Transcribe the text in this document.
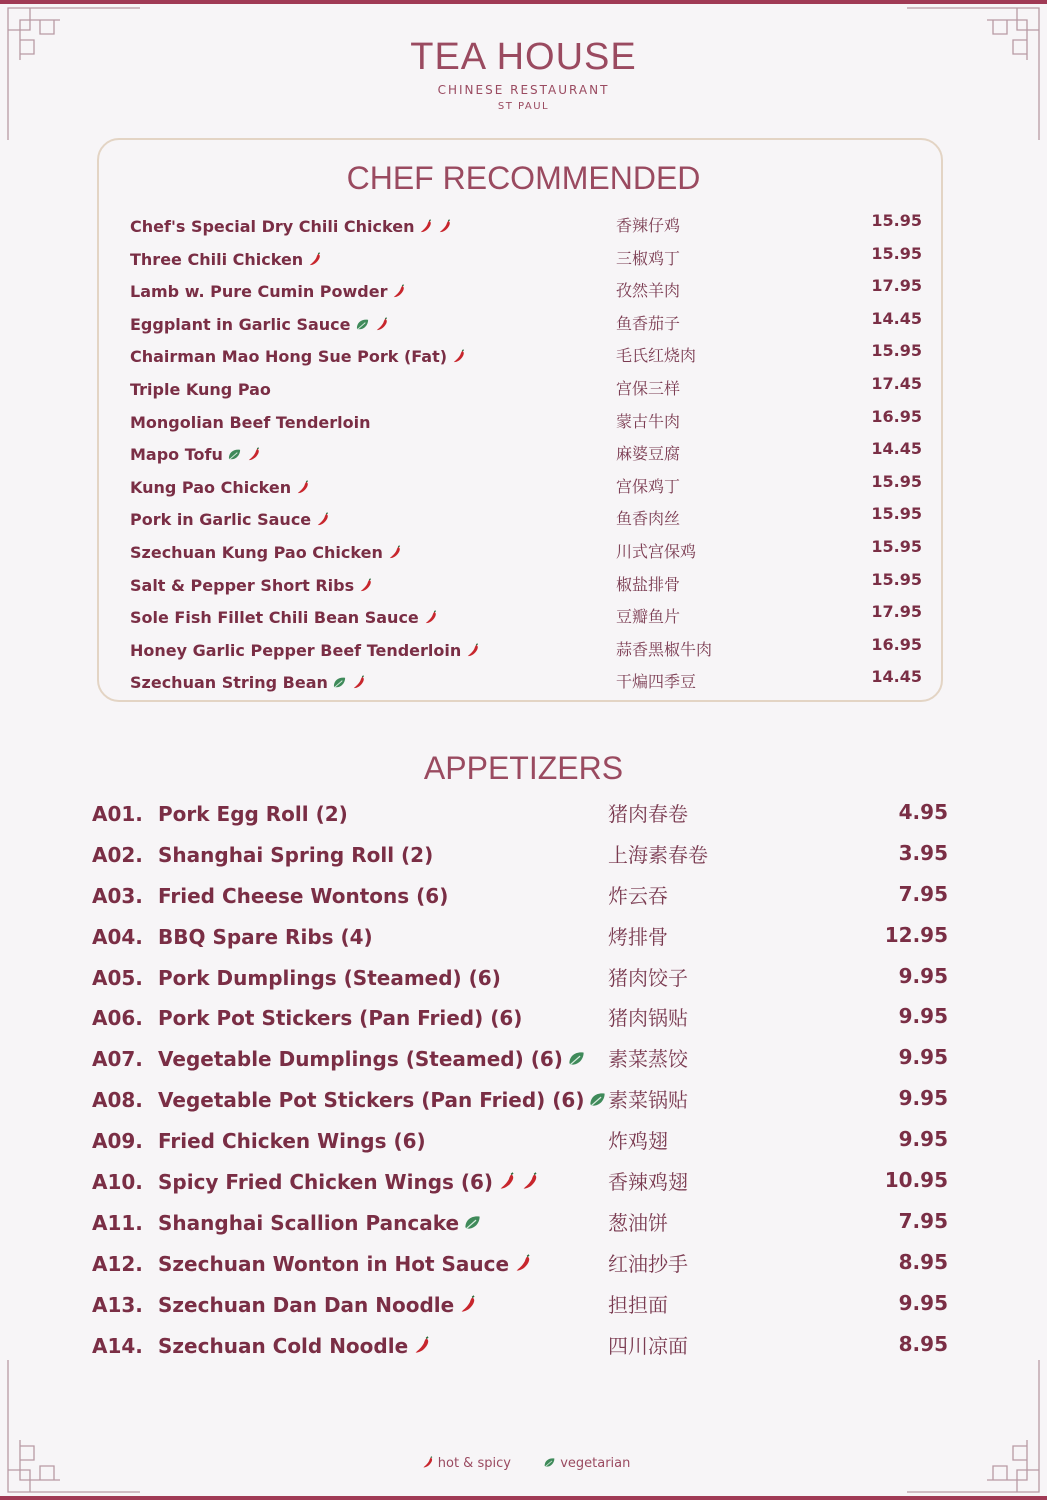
TEA HOUSE
CHINESE RESTAURANT
ST PAUL
CHEF RECOMMENDED
Chef's Special Dry Chili Chicken	香辣仔鸡	15.95
Three Chili Chicken	三椒鸡丁	15.95
Lamb w. Pure Cumin Powder	孜然羊肉	17.95
Eggplant in Garlic Sauce	鱼香茄子	14.45
Chairman Mao Hong Sue Pork (Fat)	毛氏红烧肉	15.95
Triple Kung Pao	宫保三样	17.45
Mongolian Beef Tenderloin	蒙古牛肉	16.95
Mapo Tofu	麻婆豆腐	14.45
Kung Pao Chicken	宫保鸡丁	15.95
Pork in Garlic Sauce	鱼香肉丝	15.95
Szechuan Kung Pao Chicken	川式宫保鸡	15.95
Salt & Pepper Short Ribs	椒盐排骨	15.95
Sole Fish Fillet Chili Bean Sauce	豆瓣鱼片	17.95
Honey Garlic Pepper Beef Tenderloin	蒜香黑椒牛肉	16.95
Szechuan String Bean	干煸四季豆	14.45
APPETIZERS
A01. Pork Egg Roll (2)	猪肉春卷	4.95
A02. Shanghai Spring Roll (2)	上海素春卷	3.95
A03. Fried Cheese Wontons (6)	炸云吞	7.95
A04. BBQ Spare Ribs (4)	烤排骨	12.95
A05. Pork Dumplings (Steamed) (6)	猪肉饺子	9.95
A06. Pork Pot Stickers (Pan Fried) (6)	猪肉锅贴	9.95
A07. Vegetable Dumplings (Steamed) (6)	素菜蒸饺	9.95
A08. Vegetable Pot Stickers (Pan Fried) (6)	素菜锅贴	9.95
A09. Fried Chicken Wings (6)	炸鸡翅	9.95
A10. Spicy Fried Chicken Wings (6)	香辣鸡翅	10.95
A11. Shanghai Scallion Pancake	葱油饼	7.95
A12. Szechuan Wonton in Hot Sauce	红油抄手	8.95
A13. Szechuan Dan Dan Noodle	担担面	9.95
A14. Szechuan Cold Noodle	四川凉面	8.95
hot & spicy	vegetarian
